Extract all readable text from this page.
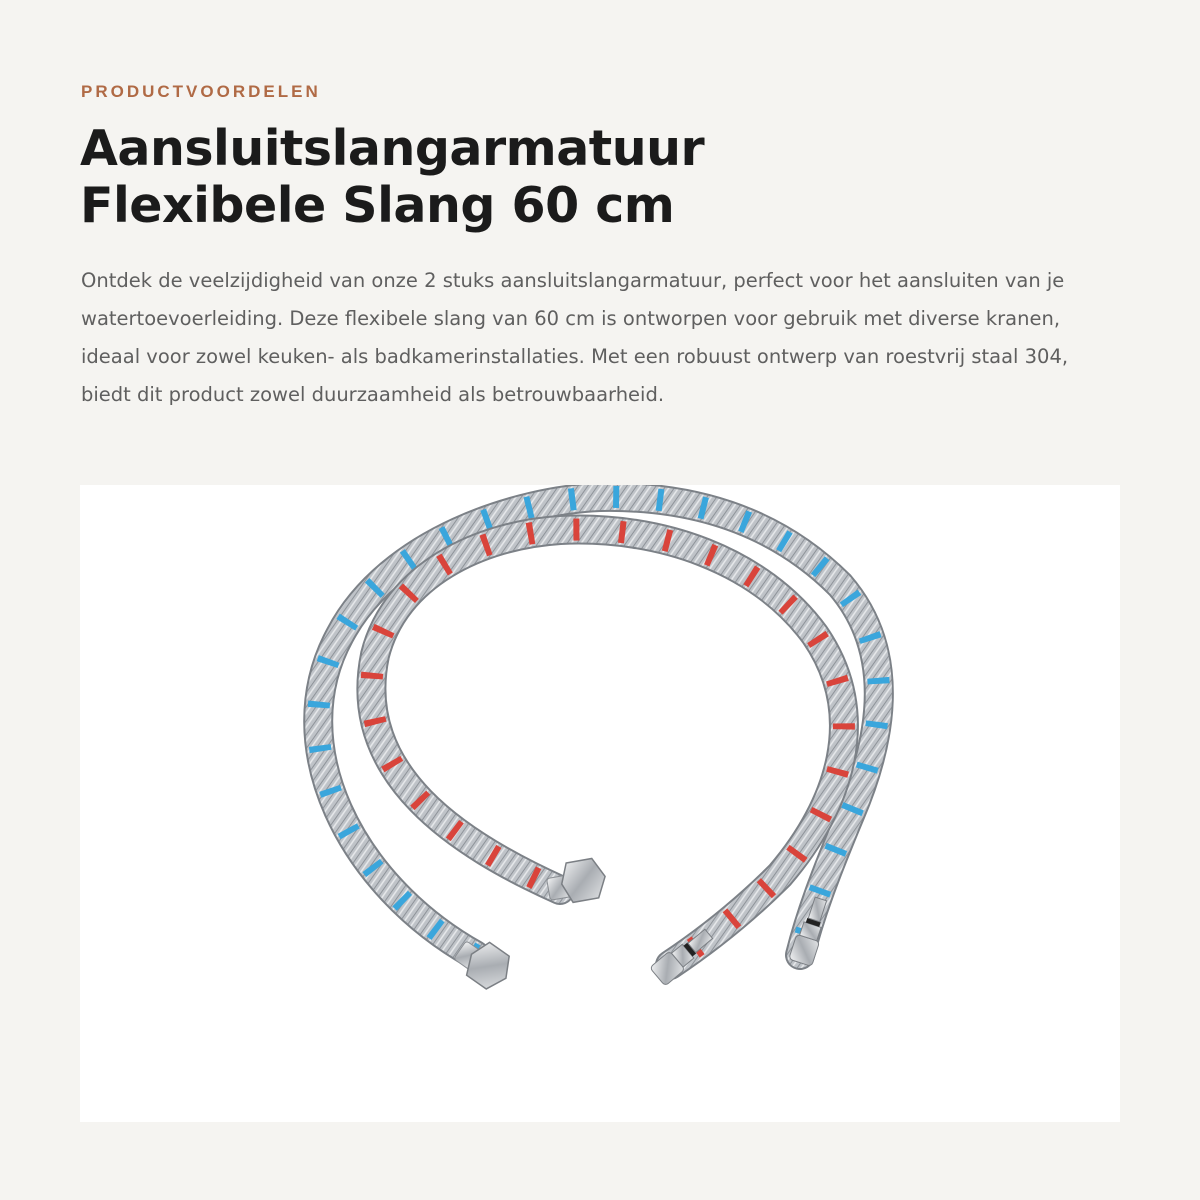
PRODUCTVOORDELEN
Aansluitslangarmatuur
Flexibele Slang 60 cm

Ontdek de veelzijdigheid van onze 2 stuks aansluitslangarmatuur, perfect voor het aansluiten van je watertoevoerleiding. Deze flexibele slang van 60 cm is ontworpen voor gebruik met diverse kranen, ideaal voor zowel keuken- als badkamerinstallaties. Met een robuust ontwerp van roestvrij staal 304, biedt dit product zowel duurzaamheid als betrouwbaarheid.
